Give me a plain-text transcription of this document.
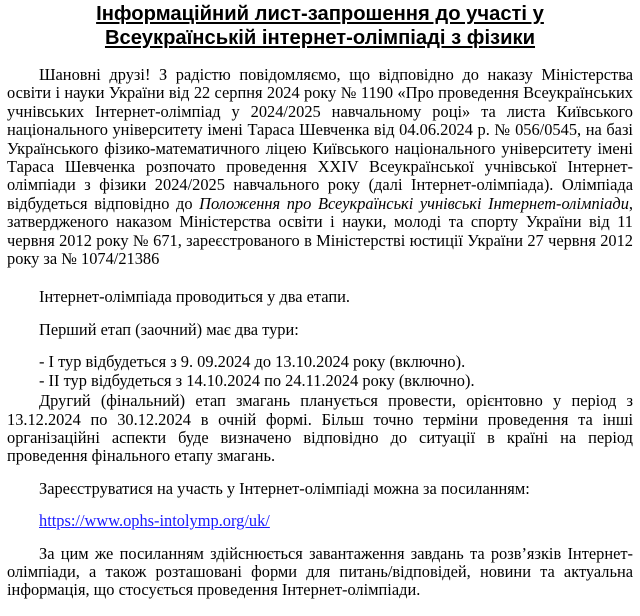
Інформаційний лист-запрошення до участі у
Всеукраїнській інтернет-олімпіаді з фізики

Шановні друзі! З радістю повідомляємо, що відповідно до наказу Міністерства освіти і науки України від 22 серпня 2024 року № 1190 «Про проведення Всеукраїнських учнівських Інтернет-олімпіад у 2024/2025 навчальному році» та листа Київського національного університету імені Тараса Шевченка від 04.06.2024 р. № 056/0545, на базі Українського фізико-математичного ліцею Київського національного університету імені Тараса Шевченка розпочато проведення XXIV Всеукраїнської учнівської Інтернет-олімпіади з фізики 2024/2025 навчального року (далі Інтернет-олімпіада). Олімпіада відбудеться відповідно до Положення про Всеукраїнські учнівські Інтернет-олімпіади, затвердженого наказом Міністерства освіти і науки, молоді та спорту України від 11 червня 2012 року № 671, зареєстрованого в Міністерстві юстиції України 27 червня 2012 року за № 1074/21386

Інтернет-олімпіада проводиться у два етапи.

Перший етап (заочний) має два тури:

- І тур відбудеться з 9. 09.2024 до 13.10.2024 року (включно).

- ІІ тур відбудеться з 14.10.2024 по 24.11.2024 року (включно).

Другий (фінальний) етап змагань планується провести, орієнтовно у період з 13.12.2024 по 30.12.2024 в очній формі. Більш точно терміни проведення та інші організаційні аспекти буде визначено відповідно до ситуації в країні на період проведення фінального етапу змагань.

Зареєструватися на участь у Інтернет-олімпіаді можна за посиланням:

https://www.ophs-intolymp.org/uk/

За цим же посиланням здійснюється завантаження завдань та розв’язків Інтернет-олімпіади, а також розташовані форми для питань/відповідей, новини та актуальна інформація, що стосується проведення Інтернет-олімпіади.
